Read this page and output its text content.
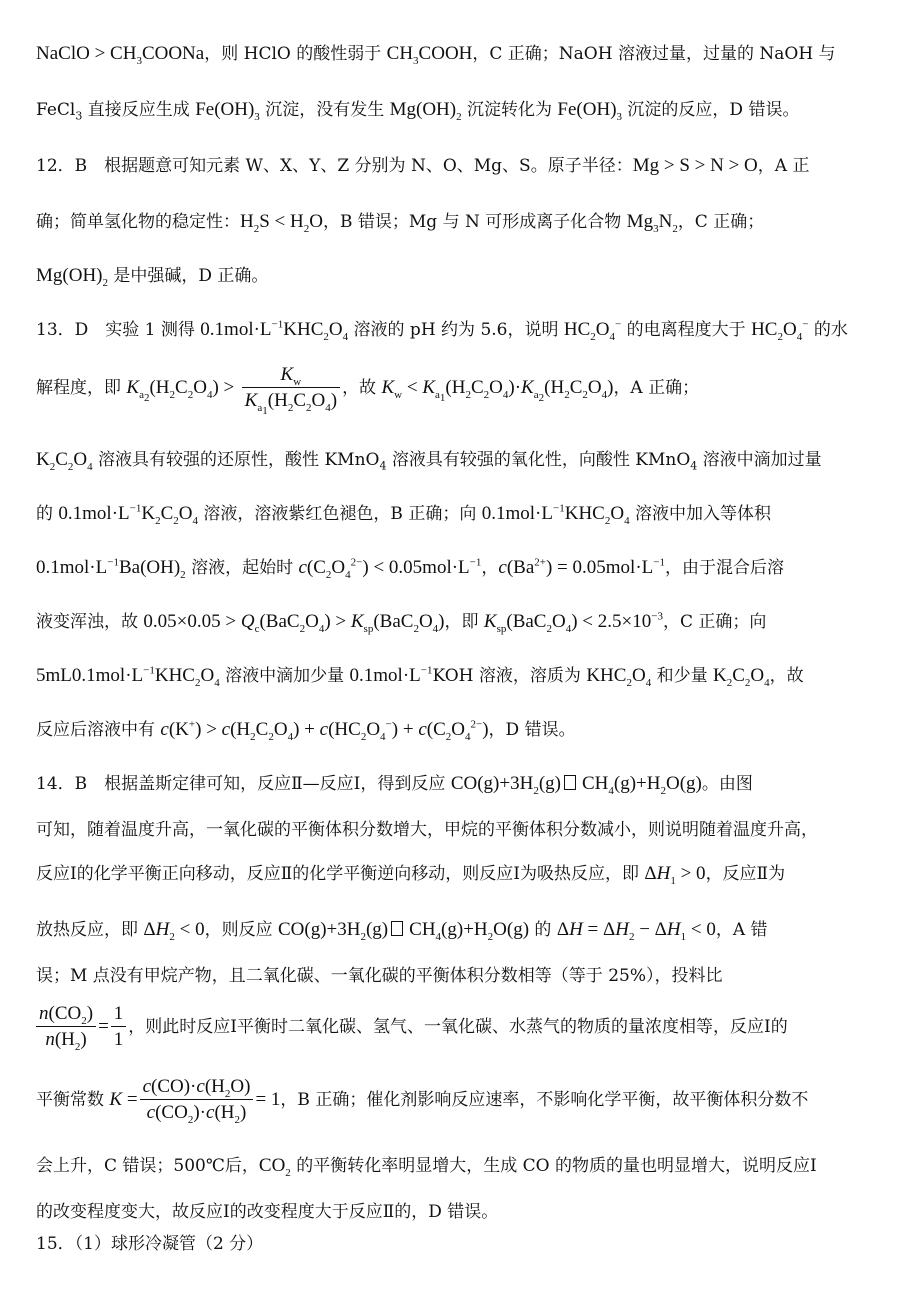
NaClO > $CH_3COONa$，则 HClO 的酸性弱于 $CH_3COOH$，C 正确；NaOH 溶液过量，过量的 NaOH 与
FeCl$_3$ 直接反应生成 $Fe(OH)_3$ 沉淀，没有发生 $Mg(OH)_2$ 沉淀转化为 $Fe(OH)_3$ 沉淀的反应，D 错误。
12．B　根据题意可知元素 W、X、Y、Z 分别为 N、O、Mg、S。原子半径：Mg > S > N > O，A 正
确；简单氢化物的稳定性：$H_2S < H_2O$，B 错误；Mg 与 N 可形成离子化合物 $Mg_3N_2$，C 正确；
$Mg(OH)_2$ 是中强碱，D 正确。
13．D　实验 1 测得 $0.1mol\cdot L^{-1}KHC_2O_4$ 溶液的 pH 约为 5.6，说明 $HC_2O_4^-$ 的电离程度大于 $HC_2O_4^-$ 的水
解程度，即 $K_{a_2}(H_2C_2O_4) > \frac{K_w}{K_{a_1}(H_2C_2O_4)}$ ，故 $K_w < K_{a_1}(H_2C_2O_4)\cdot K_{a_2}(H_2C_2O_4)$，A 正确；
$K_2C_2O_4$ 溶液具有较强的还原性，酸性 KMnO$_4$ 溶液具有较强的氧化性，向酸性 KMnO$_4$ 溶液中滴加过量
的 $0.1mol\cdot L^{-1}K_2C_2O_4$ 溶液，溶液紫红色褪色，B 正确；向 $0.1mol\cdot L^{-1}KHC_2O_4$ 溶液中加入等体积
$0.1mol\cdot L^{-1}Ba(OH)_2$ 溶液，起始时 $c(C_2O_4^{2-}) < 0.05mol\cdot L^{-1}$，$c(Ba^{2+}) = 0.05mol\cdot L^{-1}$，由于混合后溶
液变浑浊，故 $0.05\times 0.05 > Q_c(BaC_2O_4) > K_{sp}(BaC_2O_4)$，即 $K_{sp}(BaC_2O_4) < 2.5\times 10^{-3}$，C 正确；向
$5mL0.1mol\cdot L^{-1}KHC_2O_4$ 溶液中滴加少量 $0.1mol\cdot L^{-1}KOH$ 溶液，溶质为 $KHC_2O_4$ 和少量 $K_2C_2O_4$，故
反应后溶液中有 $c(K^+) > c(H_2C_2O_4) + c(HC_2O_4^-) + c(C_2O_4^{2-})$，D 错误。
14．B　根据盖斯定律可知，反应Ⅱ—反应Ⅰ，得到反应 $CO(g)+3H_2(g)$ $CH_4(g)+H_2O(g)$。由图
可知，随着温度升高，一氧化碳的平衡体积分数增大，甲烷的平衡体积分数减小，则说明随着温度升高，
反应Ⅰ的化学平衡正向移动，反应Ⅱ的化学平衡逆向移动，则反应Ⅰ为吸热反应，即 $\Delta H_1 > 0$，反应Ⅱ为
放热反应，即 $\Delta H_2 < 0$，则反应 $CO(g)+3H_2(g)$ $CH_4(g)+H_2O(g)$ 的 $\Delta H = \Delta H_2 - \Delta H_1 < 0$，A 错
误；M 点没有甲烷产物，且二氧化碳、一氧化碳的平衡体积分数相等（等于 25%），投料比
$\frac{n(CO_2)}{n(H_2)} = \frac{1}{1}$ ，则此时反应Ⅰ平衡时二氧化碳、氢气、一氧化碳、水蒸气的物质的量浓度相等，反应Ⅰ的
平衡常数 $K = \frac{c(CO)\cdot c(H_2O)}{c(CO_2)\cdot c(H_2)} = 1$，B 正确；催化剂影响反应速率，不影响化学平衡，故平衡体积分数不
会上升，C 错误；500℃后，$CO_2$ 的平衡转化率明显增大，生成 CO 的物质的量也明显增大，说明反应Ⅰ
的改变程度变大，故反应Ⅰ的改变程度大于反应Ⅱ的，D 错误。
15．（1）球形冷凝管（2 分）
